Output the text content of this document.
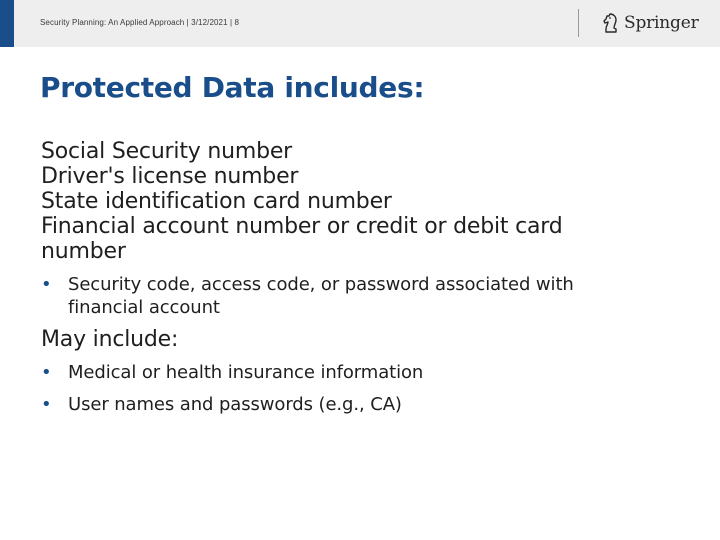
Security Planning: An Applied Approach | 3/12/2021 | 8	Springer
Protected Data includes:

Social Security number

Driver's license number

State identification card number

Financial account number or credit or debit card number

• Security code, access code, or password associated with financial account

May include:

• Medical or health insurance information
• User names and passwords (e.g., CA)
